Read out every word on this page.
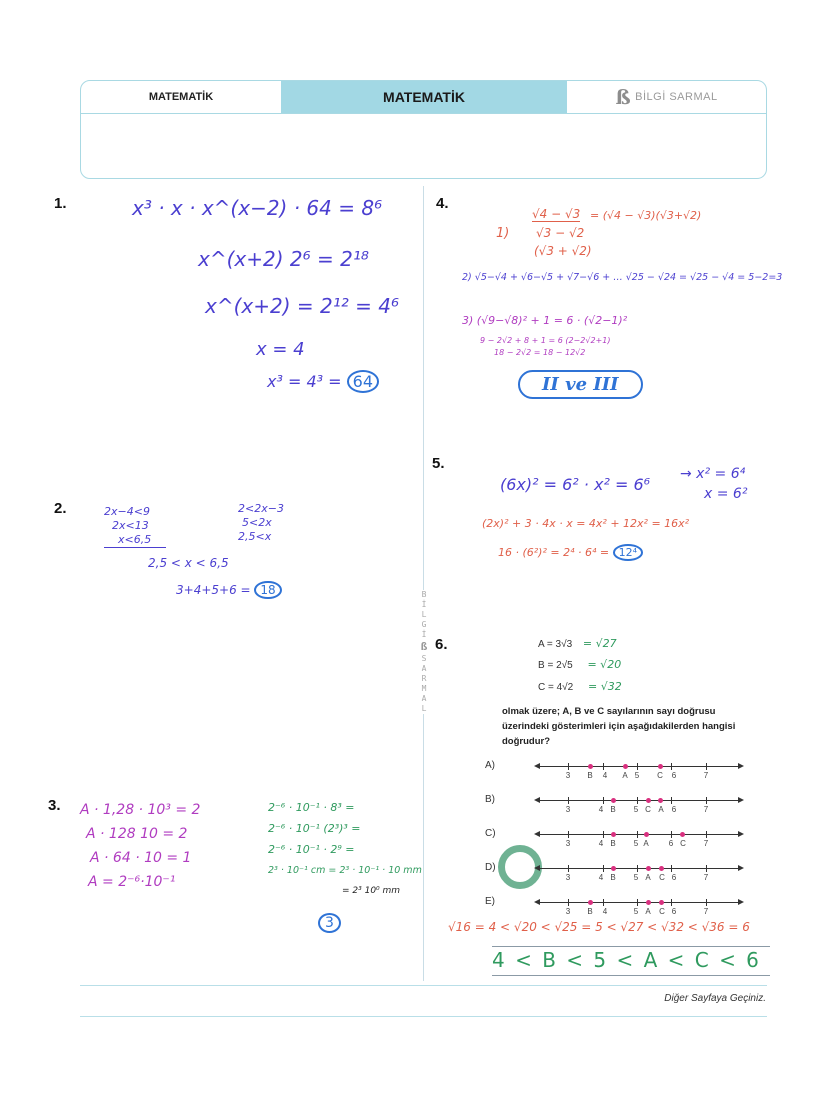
MATEMATİK	MATEMATİK	ß BİLGİ SARMAL
B
İ
L
G
İ
ß
S
A
R
M
A
L
1.	x³ · x · x^(x−2) · 64 = 8⁶
x^(x+2) 2⁶ = 2¹⁸
x^(x+2) = 2¹² = 4⁶
x = 4
x³ = 4³ = 64
2.	2x−4<9
2x<13
x<6,5
2<2x−3
5<2x
2,5<x
2,5 < x < 6,5
3+4+5+6 = 18
3. A · 1,28 · 10³ = 2
A · 128 10 = 2
A · 64 · 10 = 1
A = 2⁻⁶·10⁻¹
2⁻⁶ · 10⁻¹ · 8³ =
2⁻⁶ · 10⁻¹ (2³)³ =
2⁻⁶ · 10⁻¹ · 2⁹ =
2³ · 10⁻¹ cm = 2³ · 10⁻¹ · 10 mm
= 2³ 10⁰ mm
3
4.
1)
√4 − √3
√3 − √2
(√3 + √2)
= (√4 − √3)(√3+√2)
2) √5−√4 + √6−√5 + √7−√6 + … √25 − √24 = √25 − √4 = 5−2=3
3) (√9−√8)² + 1 = 6 · (√2−1)²
9 − 2√2 + 8 + 1 = 6 (2−2√2+1)
18 − 2√2 = 18 − 12√2
II ve III
5.
(6x)² = 6² · x² = 6⁶
→ x² = 6⁴
x = 6²
(2x)² + 3 · 4x · x = 4x² + 12x² = 16x²
16 · (6²)² = 2⁴ · 6⁴ = 12⁴
6.	A = 3√3 = √27
B = 2√5 = √20
C = 4√2 = √32
olmak üzere; A, B ve C sayılarının sayı doğrusu üzerindeki gösterimleri için aşağıdakilerden hangisi doğrudur?
A)
3	4	5	6	7
B	A	C
B)
3	4	5	6	7
B	C A
C)
3	4	5	6	7
B	A	C
D)
3	4	5	6	7
B	A C
E)
3	4	5	6	7
B	A C
√16 = 4 < √20 < √25 = 5 < √27 < √32 < √36 = 6
4 < B < 5 < A < C < 6
Diğer Sayfaya Geçiniz.
